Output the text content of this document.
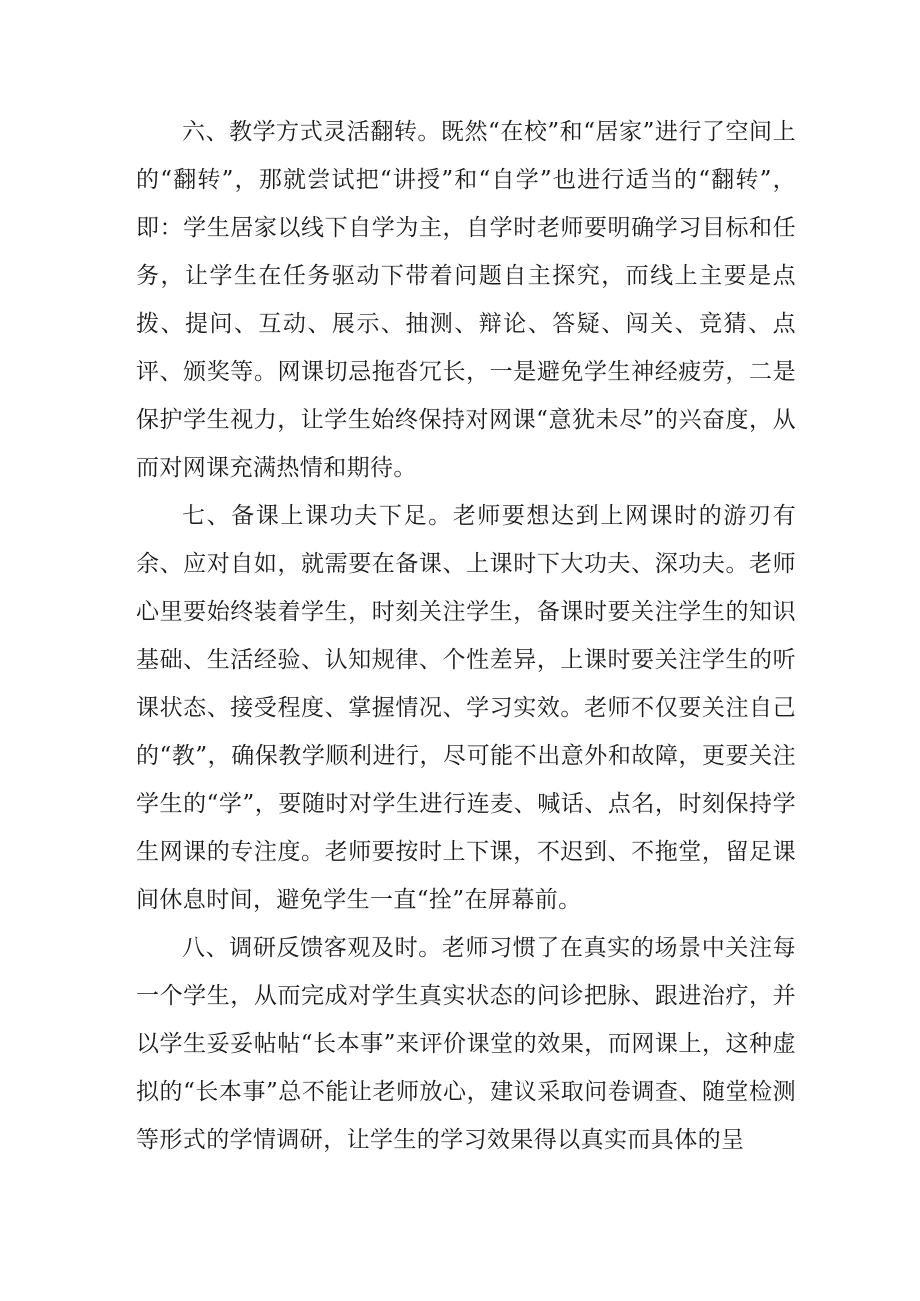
六、教学方式灵活翻转。既然“在校”和“居家”进行了空间上的“翻转”，那就尝试把“讲授”和“自学”也进行适当的“翻转”，即：学生居家以线下自学为主，自学时老师要明确学习目标和任务，让学生在任务驱动下带着问题自主探究，而线上主要是点拨、提问、互动、展示、抽测、辩论、答疑、闯关、竞猜、点评、颁奖等。网课切忌拖沓冗长，一是避免学生神经疲劳，二是保护学生视力，让学生始终保持对网课“意犹未尽”的兴奋度，从而对网课充满热情和期待。

七、备课上课功夫下足。老师要想达到上网课时的游刃有余、应对自如，就需要在备课、上课时下大功夫、深功夫。老师心里要始终装着学生，时刻关注学生，备课时要关注学生的知识基础、生活经验、认知规律、个性差异，上课时要关注学生的听课状态、接受程度、掌握情况、学习实效。老师不仅要关注自己的“教”，确保教学顺利进行，尽可能不出意外和故障，更要关注学生的“学”，要随时对学生进行连麦、喊话、点名，时刻保持学生网课的专注度。老师要按时上下课，不迟到、不拖堂，留足课间休息时间，避免学生一直“拴”在屏幕前。

八、调研反馈客观及时。老师习惯了在真实的场景中关注每一个学生，从而完成对学生真实状态的问诊把脉、跟进治疗，并以学生妥妥帖帖“长本事”来评价课堂的效果，而网课上，这种虚拟的“长本事”总不能让老师放心，建议采取问卷调查、随堂检测等形式的学情调研，让学生的学习效果得以真实而具体的呈
